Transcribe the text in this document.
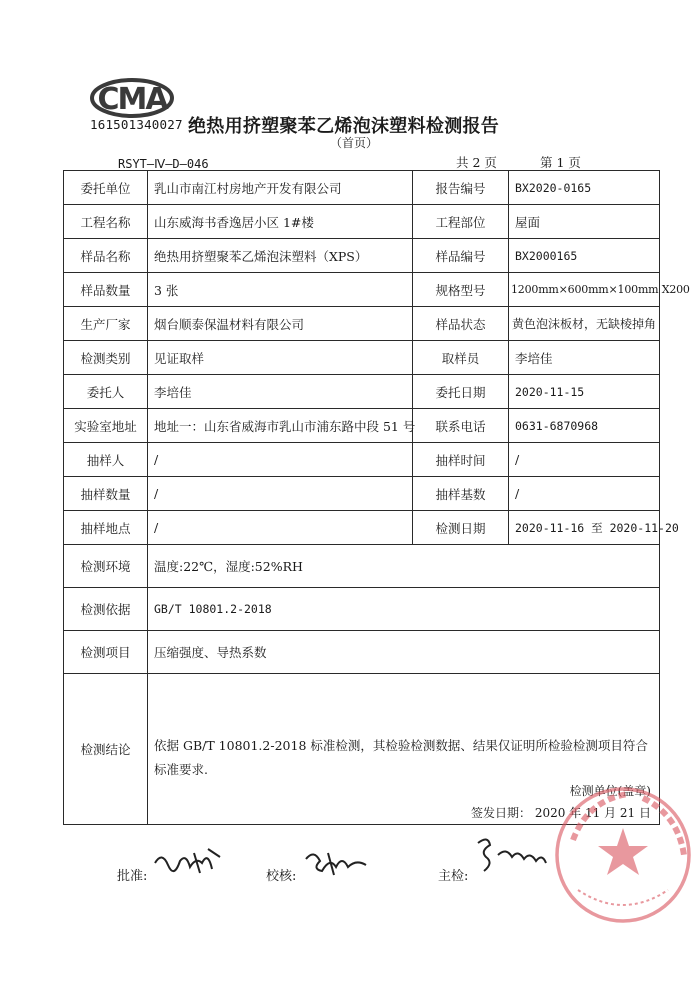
CMA
161501340027 绝热用挤塑聚苯乙烯泡沫塑料检测报告
（首页）
RSYT—Ⅳ—D—046	共 2 页	第 1 页
委托单位	乳山市南江村房地产开发有限公司	报告编号	BX2020-0165
工程名称	山东威海书香逸居小区 1#楼	工程部位	屋面
样品名称	绝热用挤塑聚苯乙烯泡沫塑料（XPS）	样品编号	BX2000165
样品数量	3 张	规格型号	1200mm×600mm×100mm X200
生产厂家	烟台顺泰保温材料有限公司	样品状态	黄色泡沫板材，无缺棱掉角
检测类别	见证取样	取样员	李培佳
委托人	李培佳	委托日期	2020-11-15
实验室地址	地址一：山东省威海市乳山市浦东路中段 51 号	联系电话	0631-6870968
抽样人	/	抽样时间	/
抽样数量	/	抽样基数	/
抽样地点	/	检测日期	2020-11-16 至 2020-11-20
检测环境	温度:22℃，湿度:52%RH		
检测依据	GB/T 10801.2-2018		
检测项目	压缩强度、导热系数		
检测结论	依据 GB/T 10801.2-2018 标准检测，其检验检测数据、结果仅证明所检验检测项目符合标准要求.
检测单位(盖章)
签发日期： 2020 年 11 月 21 日		
批准:	校核:	主检:
